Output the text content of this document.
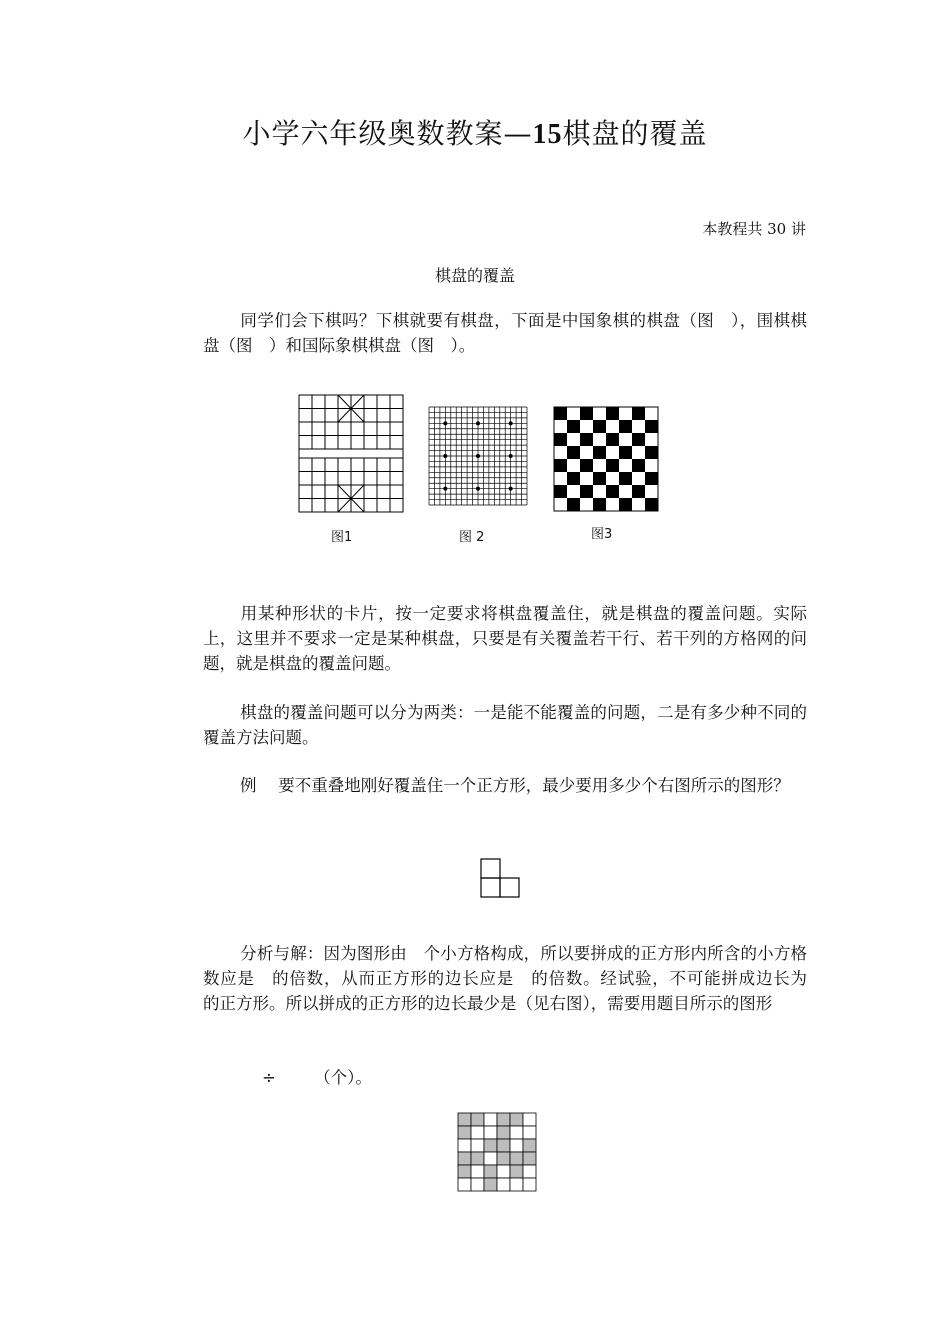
小学六年级奥数教案—15棋盘的覆盖
本教程共 30 讲
棋盘的覆盖
同学们会下棋吗？下棋就要有棋盘，下面是中国象棋的棋盘（图　），围棋棋盘（图　）和国际象棋棋盘（图　）。
图1	图 2	图3
用某种形状的卡片，按一定要求将棋盘覆盖住，就是棋盘的覆盖问题。实际上，这里并不要求一定是某种棋盘，只要是有关覆盖若干行、若干列的方格网的问题，就是棋盘的覆盖问题。
棋盘的覆盖问题可以分为两类：一是能不能覆盖的问题，二是有多少种不同的覆盖方法问题。
例　 要不重叠地刚好覆盖住一个正方形，最少要用多少个右图所示的图形？
分析与解：因为图形由　个小方格构成，所以要拼成的正方形内所含的小方格数应是　的倍数，从而正方形的边长应是　的倍数。经试验，不可能拼成边长为　的正方形。所以拼成的正方形的边长最少是（见右图），需要用题目所示的图形
÷　　 （个）。
